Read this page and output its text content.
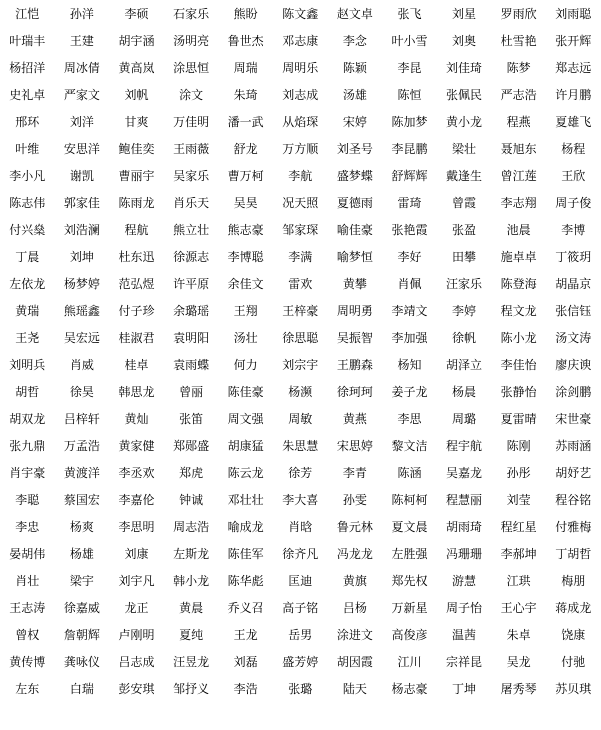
江恺	孙洋	李硕	石家乐	熊盼	陈文鑫	赵文卓	张飞	刘星	罗雨欣	刘雨聪
叶瑞丰	王建	胡宇涵	汤明亮	鲁世杰	邓志康	李念	叶小雪	刘奥	杜雪艳	张开辉
杨招洋	周冰倩	黄高岚	涂思恒	周瑞	周明乐	陈颖	李昆	刘佳琦	陈梦	郑志远
史礼卓	严家文	刘帆	涂文	朱琦	刘志成	汤雄	陈恒	张佩民	严志浩	许月鹏
邢环	刘洋	甘爽	万佳明	潘一武	从焰琛	宋婷	陈加梦	黄小龙	程燕	夏雄飞
叶维	安思洋	鲍佳奕	王雨薇	舒龙	万方顺	刘圣号	李昆鹏	梁壮	聂旭东	杨程
李小凡	谢凯	曹丽宇	吴家乐	曹万柯	李航	盛梦蝶	舒辉辉	戴逢生	曾江莲	王欣
陈志伟	郭家佳	陈雨龙	肖乐天	吴昊	况天照	夏德雨	雷琦	曾霞	李志翔	周子俊
付兴燊	刘浩澜	程航	熊立壮	熊志豪	邹家琛	喻佳豪	张艳霞	张盈	池晨	李博
丁晨	刘坤	杜东迅	徐源志	李博聪	李满	喻梦恒	李好	田攀	施卓卓	丁筱玥
左依龙	杨梦婷	范弘煜	许平原	余佳文	雷欢	黄攀	肖佩	汪家乐	陈登海	胡晶京
黄瑞	熊瑶鑫	付子珍	余璐瑶	王翔	王梓豪	周明勇	李靖文	李婷	程文龙	张信钰
王尧	吴宏远	桂淑君	袁明阳	汤壮	徐思聪	吴振智	李加强	徐帆	陈小龙	汤文涛
刘明兵	肖威	桂卓	袁雨蝶	何力	刘宗宇	王鹏森	杨知	胡泽立	李佳怡	廖庆谀
胡哲	徐昊	韩思龙	曾丽	陈佳豪	杨濒	徐珂珂	姜子龙	杨晨	张静怡	涂剑鹏
胡双龙	吕梓轩	黄灿	张笛	周文强	周敏	黄燕	李思	周璐	夏雷晴	宋世豪
张九鼎	万孟浩	黄家健	郑郧盛	胡康猛	朱思慧	宋思婷	黎文洁	程宇航	陈刚	苏雨涵
肖宇豪	黄渡洋	李丞欢	郑虎	陈云龙	徐芳	李青	陈涵	吴嘉龙	孙彤	胡妤艺
李聪	蔡国宏	李嘉伦	钟诚	邓壮壮	李大喜	孙雯	陈柯柯	程慧丽	刘莹	程谷铭
李忠	杨爽	李思明	周志浩	喻成龙	肖晗	鲁元林	夏文晨	胡雨琦	程红星	付雅梅
晏胡伟	杨雄	刘康	左斯龙	陈佳军	徐齐凡	冯龙龙	左胜强	冯珊珊	李郝坤	丁胡哲
肖壮	梁宇	刘宇凡	韩小龙	陈华彪	匡迪	黄旗	郑先权	游慧	江珙	梅朋
王志涛	徐嘉威	龙正	黄晨	乔义召	高子铭	吕杨	万新星	周子怡	王心宇	蒋成龙
曾权	詹朝辉	卢刚明	夏纯	王龙	岳男	涂进文	高俊彦	温茜	朱卓	饶康
黄传博	龚咏仪	吕志成	汪昱龙	刘磊	盛芳婷	胡因霞	江川	宗祥昆	吴龙	付驰
左东	白瑞	彭安琪	邹抒义	李浩	张璐	陆天	杨志豪	丁坤	屠秀琴	苏贝琪
